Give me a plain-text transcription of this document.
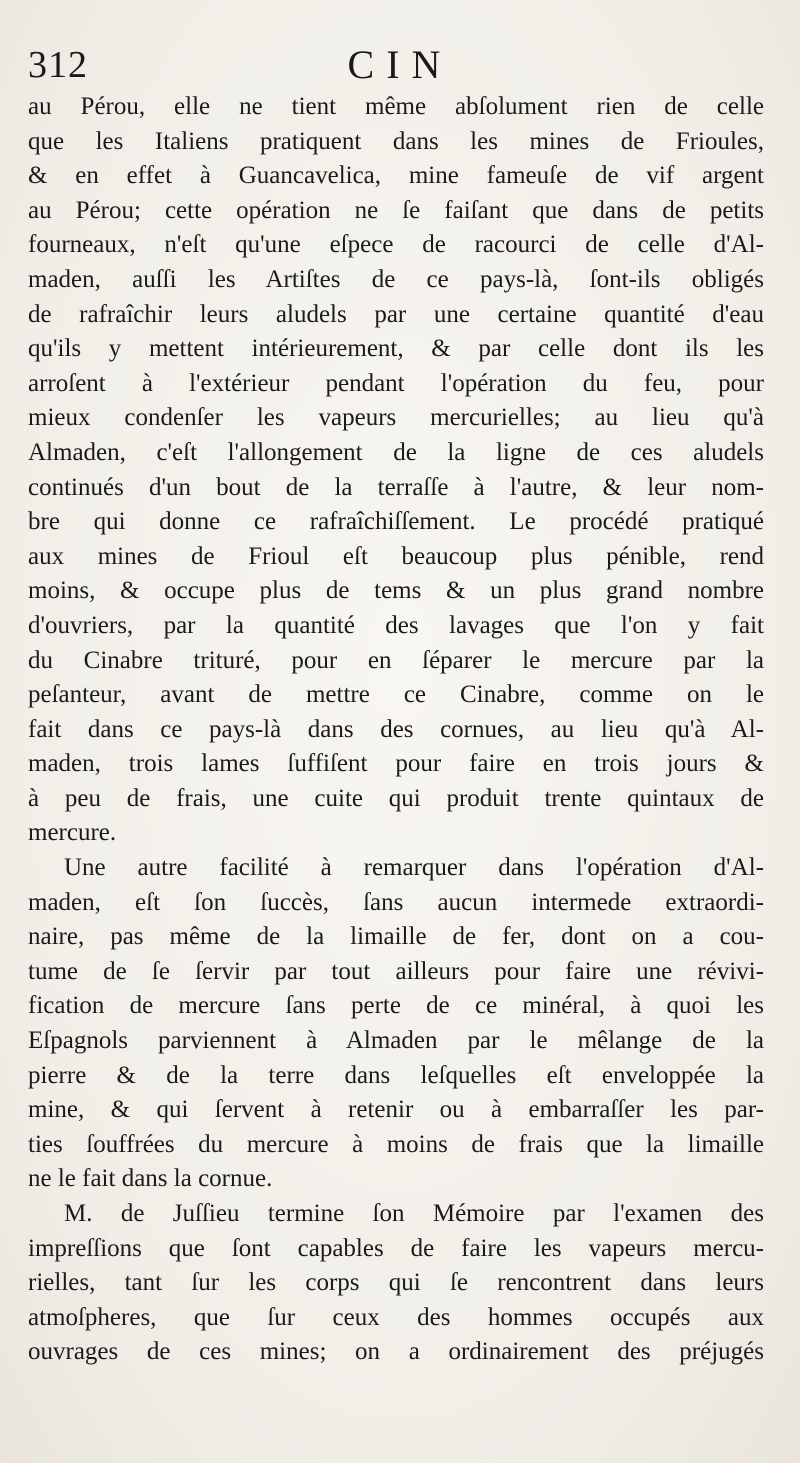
312	CIN
au Pérou, elle ne tient même abſolument rien de celle
que les Italiens pratiquent dans les mines de Frioules,
& en effet à Guancavelica, mine fameuſe de vif argent
au Pérou; cette opération ne ſe faiſant que dans de petits
fourneaux, n'eſt qu'une eſpece de racourci de celle d'Al-
maden, auſſi les Artiſtes de ce pays-là, ſont-ils obligés
de rafraîchir leurs aludels par une certaine quantité d'eau
qu'ils y mettent intérieurement, & par celle dont ils les
arroſent à l'extérieur pendant l'opération du feu, pour
mieux condenſer les vapeurs mercurielles; au lieu qu'à
Almaden, c'eſt l'allongement de la ligne de ces aludels
continués d'un bout de la terraſſe à l'autre, & leur nom-
bre qui donne ce rafraîchiſſement. Le procédé pratiqué
aux mines de Frioul eſt beaucoup plus pénible, rend
moins, & occupe plus de tems & un plus grand nombre
d'ouvriers, par la quantité des lavages que l'on y fait
du Cinabre trituré, pour en ſéparer le mercure par la
peſanteur, avant de mettre ce Cinabre, comme on le
fait dans ce pays-là dans des cornues, au lieu qu'à Al-
maden, trois lames ſuffiſent pour faire en trois jours &
à peu de frais, une cuite qui produit trente quintaux de
mercure.
Une autre facilité à remarquer dans l'opération d'Al-
maden, eſt ſon ſuccès, ſans aucun intermede extraordi-
naire, pas même de la limaille de fer, dont on a cou-
tume de ſe ſervir par tout ailleurs pour faire une révivi-
fication de mercure ſans perte de ce minéral, à quoi les
Eſpagnols parviennent à Almaden par le mêlange de la
pierre & de la terre dans leſquelles eſt enveloppée la
mine, & qui ſervent à retenir ou à embarraſſer les par-
ties ſouffrées du mercure à moins de frais que la limaille
ne le fait dans la cornue.
M. de Juſſieu termine ſon Mémoire par l'examen des
impreſſions que ſont capables de faire les vapeurs mercu-
rielles, tant ſur les corps qui ſe rencontrent dans leurs
atmoſpheres, que ſur ceux des hommes occupés aux
ouvrages de ces mines; on a ordinairement des préjugés
